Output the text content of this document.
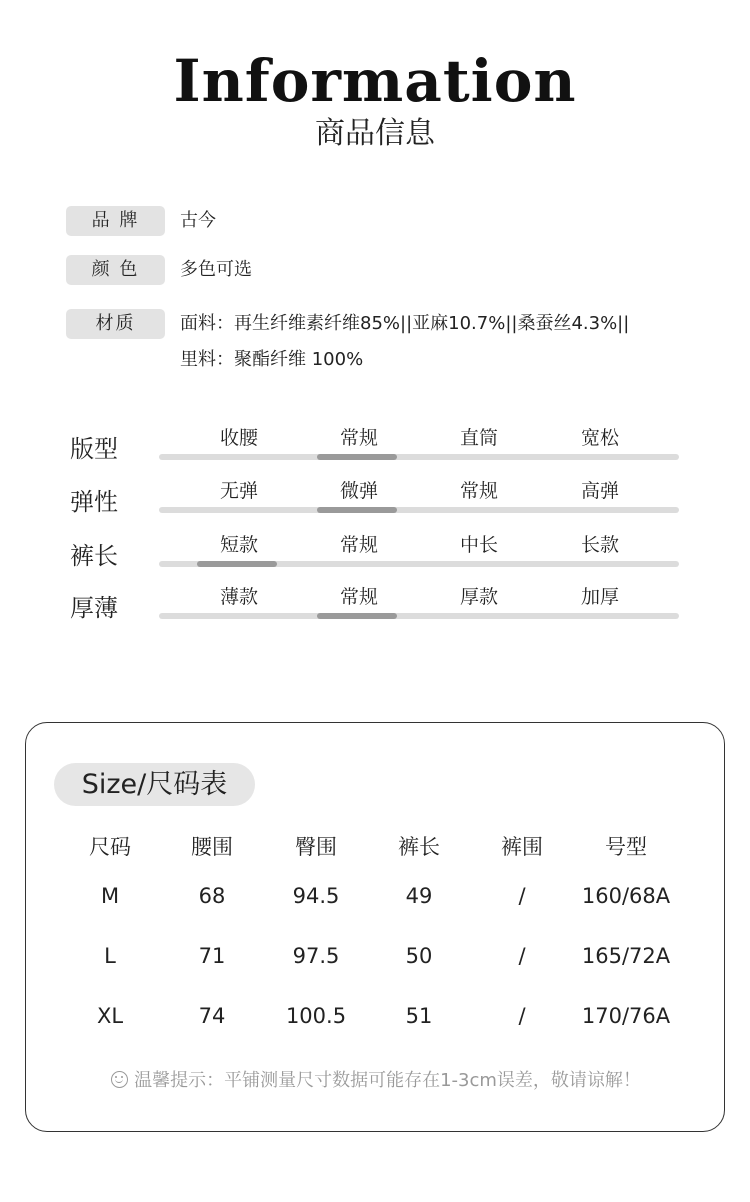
Information
商品信息
品 牌	古今
颜 色	多色可选
材质	面料：再生纤维素纤维85%||亚麻10.7%||桑蚕丝4.3%||
里料：聚酯纤维 100%
版型	收腰	常规	直筒	宽松
弹性	无弹	微弹	常规	高弹
裤长	短款	常规	中长	长款
厚薄	薄款	常规	厚款	加厚
Size/尺码表
尺码	腰围	臀围	裤长	裤围	号型
M	68	94.5	49	/	160/68A
L	71	97.5	50	/	165/72A
XL	74	100.5	51	/	170/76A
温馨提示：平铺测量尺寸数据可能存在1-3cm误差，敬请谅解！
